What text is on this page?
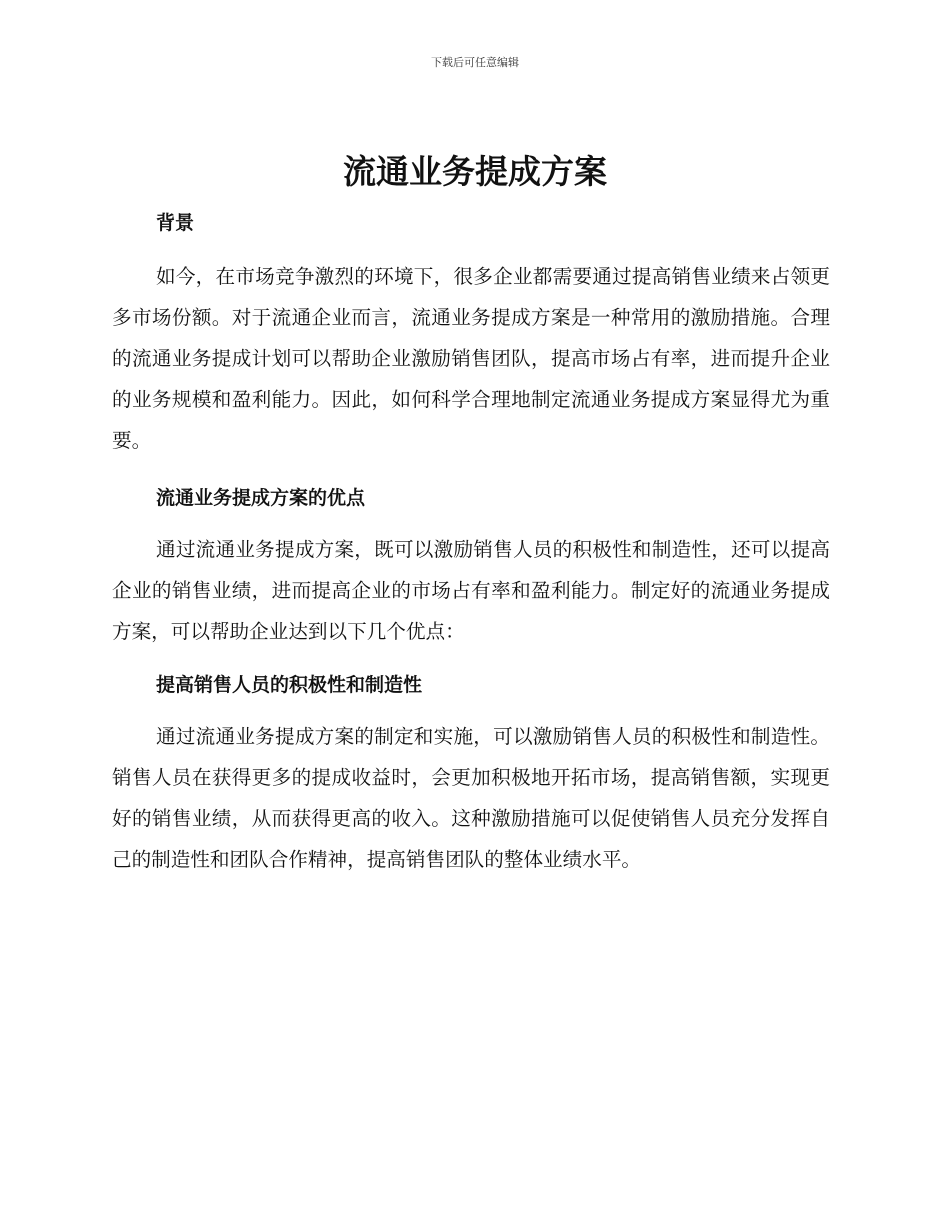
下载后可任意编辑
流通业务提成方案
背景

如今，在市场竞争激烈的环境下，很多企业都需要通过提高销售业绩来占领更多市场份额。对于流通企业而言，流通业务提成方案是一种常用的激励措施。合理的流通业务提成计划可以帮助企业激励销售团队，提高市场占有率，进而提升企业的业务规模和盈利能力。因此，如何科学合理地制定流通业务提成方案显得尤为重要。

流通业务提成方案的优点

通过流通业务提成方案，既可以激励销售人员的积极性和制造性，还可以提高企业的销售业绩，进而提高企业的市场占有率和盈利能力。制定好的流通业务提成方案，可以帮助企业达到以下几个优点：

提高销售人员的积极性和制造性

通过流通业务提成方案的制定和实施，可以激励销售人员的积极性和制造性。销售人员在获得更多的提成收益时，会更加积极地开拓市场，提高销售额，实现更好的销售业绩，从而获得更高的收入。这种激励措施可以促使销售人员充分发挥自己的制造性和团队合作精神，提高销售团队的整体业绩水平。
